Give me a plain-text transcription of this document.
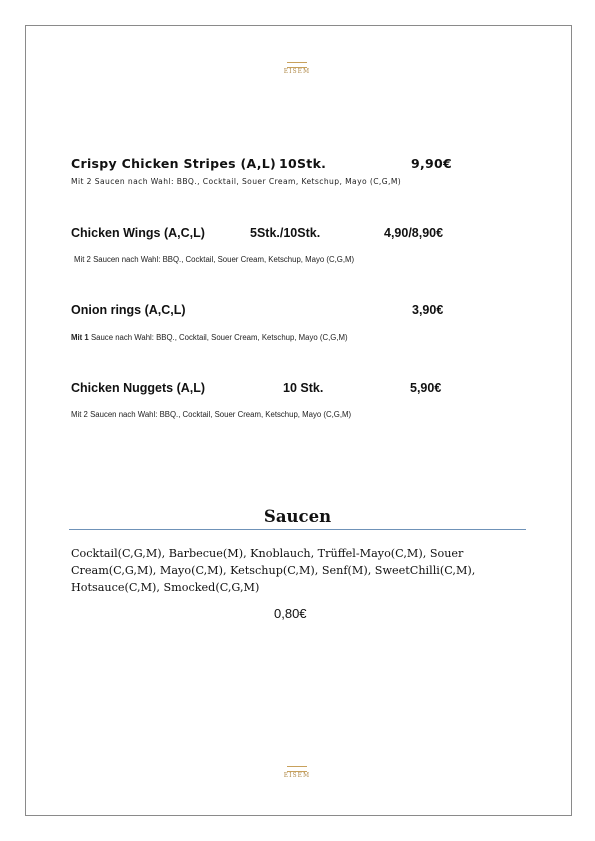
EISEM
Crispy Chicken Stripes (A,L) 10Stk.	9,90€
Mit 2 Saucen nach Wahl: BBQ., Cocktail, Souer Cream, Ketschup, Mayo (C,G,M)
Chicken Wings (A,C,L)	5Stk./10Stk.	4,90/8,90€
Mit 2 Saucen nach Wahl: BBQ., Cocktail, Souer Cream, Ketschup, Mayo (C,G,M)
Onion rings (A,C,L)	3,90€
Mit 1 Sauce nach Wahl: BBQ., Cocktail, Souer Cream, Ketschup, Mayo (C,G,M)
Chicken Nuggets (A,L)	10 Stk.	5,90€
Mit 2 Saucen nach Wahl: BBQ., Cocktail, Souer Cream, Ketschup, Mayo (C,G,M)
Saucen
Cocktail(C,G,M), Barbecue(M), Knoblauch, Trüffel-Mayo(C,M), Souer Cream(C,G,M), Mayo(C,M), Ketschup(C,M), Senf(M), SweetChilli(C,M), Hotsauce(C,M), Smocked(C,G,M)
0,80€
EISEM
